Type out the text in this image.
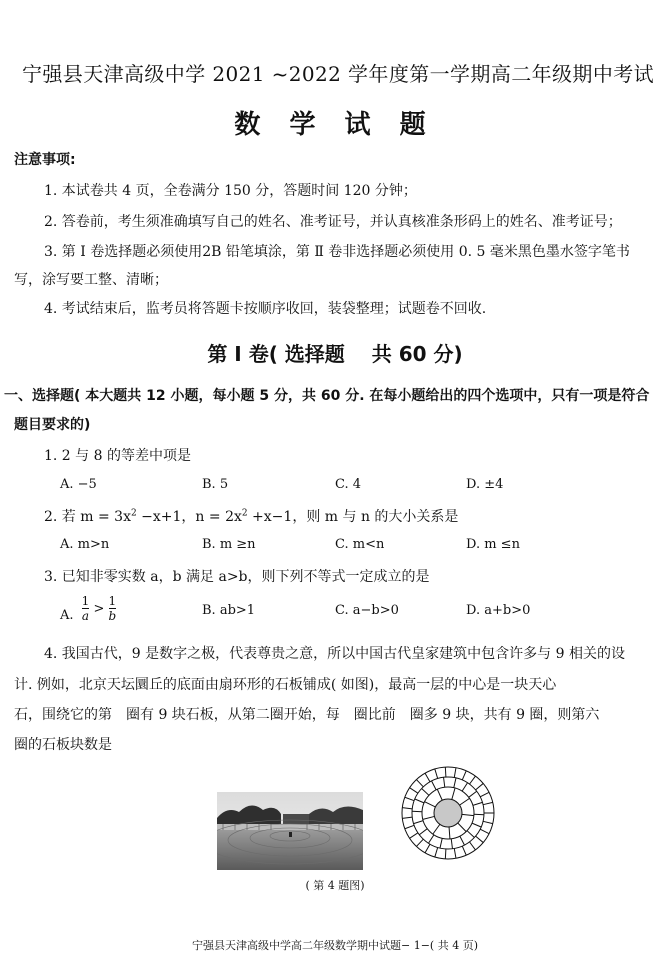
宁强县天津高级中学 2021 ~2022 学年度第一学期高二年级期中考试
数 学 试 题
注意事项:
1. 本试卷共 4 页，全卷满分 150 分，答题时间 120 分钟；
2. 答卷前，考生须准确填写自己的姓名、准考证号，并认真核准条形码上的姓名、准考证号；
3. 第 Ⅰ 卷选择题必须使用2B 铅笔填涂，第 Ⅱ 卷非选择题必须使用 0. 5 毫米黑色墨水签字笔书
写，涂写要工整、清晰；
4. 考试结束后，监考员将答题卡按顺序收回，装袋整理；试题卷不回收.
第 Ⅰ 卷( 选择题　 共 60 分)
一、选择题( 本大题共 12 小题，每小题 5 分，共 60 分. 在每小题给出的四个选项中，只有一项是符合
题目要求的)
1. 2 与 8 的等差中项是
A. −5	B. 5	C. 4	D. ±4
2. 若 $m = 3x^2 -x+1$，$n = 2x^2 +x-1$，则 m 与 n 的大小关系是
A. m>n	B. m ≥n	C. m<n	D. m ≤n
3. 已知非零实数 a，b 满足 a>b，则下列不等式一定成立的是
A. $\frac{1}{a} > \frac{1}{b}$	B. ab>1	C. a−b>0	D. a+b>0
4. 我国古代，9 是数字之极，代表尊贵之意，所以中国古代皇家建筑中包含许多与 9 相关的设
计. 例如，北京天坛圜丘的底面由扇环形的石板铺成( 如图)，最高一层的中心是一块天心
石，围绕它的第　圈有 9 块石板，从第二圈开始，每　圈比前　圈多 9 块，共有 9 圈，则第六
圈的石板块数是
( 第 4 题图)
宁强县天津高级中学高二年级数学期中试题− 1−( 共 4 页)
